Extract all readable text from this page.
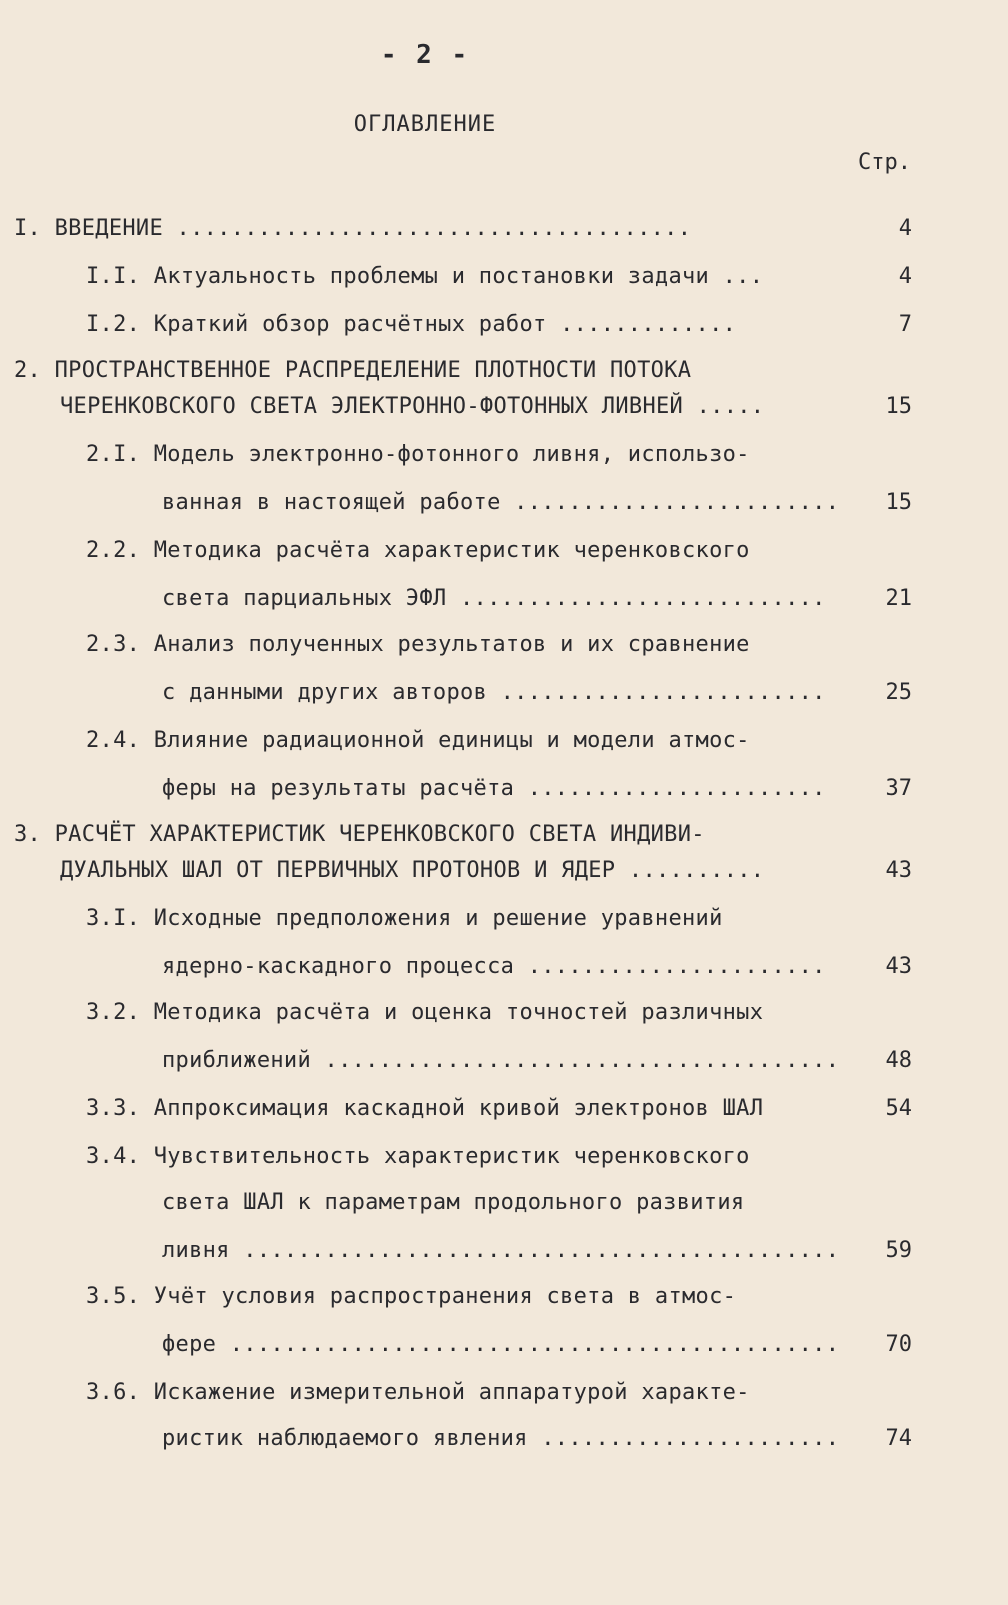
- 2 -
ОГЛАВЛЕНИЕ
Стр.
I. ВВЕДЕНИЕ ......................................	4
I.I. Актуальность проблемы и постановки задачи ...	4
I.2. Краткий обзор расчётных работ .............	7
2. ПРОСТРАНСТВЕННОЕ РАСПРЕДЕЛЕНИЕ ПЛОТНОСТИ ПОТОКА
ЧЕРЕНКОВСКОГО СВЕТА ЭЛЕКТРОННО-ФОТОННЫХ ЛИВНЕЙ .....	15
2.I. Модель электронно-фотонного ливня, использо-
ванная в настоящей работе ........................	15
2.2. Методика расчёта характеристик черенковского
света парциальных ЭФЛ ...........................	21
2.3. Анализ полученных результатов и их сравнение
с данными других авторов ........................	25
2.4. Влияние радиационной единицы и модели атмос-
феры на результаты расчёта ......................	37
3. РАСЧЁТ ХАРАКТЕРИСТИК ЧЕРЕНКОВСКОГО СВЕТА ИНДИВИ-
ДУАЛЬНЫХ ШАЛ ОТ ПЕРВИЧНЫХ ПРОТОНОВ И ЯДЕР ..........	43
3.I. Исходные предположения и решение уравнений
ядерно-каскадного процесса ......................	43
3.2. Методика расчёта и оценка точностей различных
приближений ......................................	48
3.3. Аппроксимация каскадной кривой электронов ШАЛ	54
3.4. Чувствительность характеристик черенковского
света ШАЛ к параметрам продольного развития
ливня ............................................	59
3.5. Учёт условия распространения света в атмос-
фере .............................................	70
3.6. Искажение измерительной аппаратурой характе-
ристик наблюдаемого явления ......................	74
